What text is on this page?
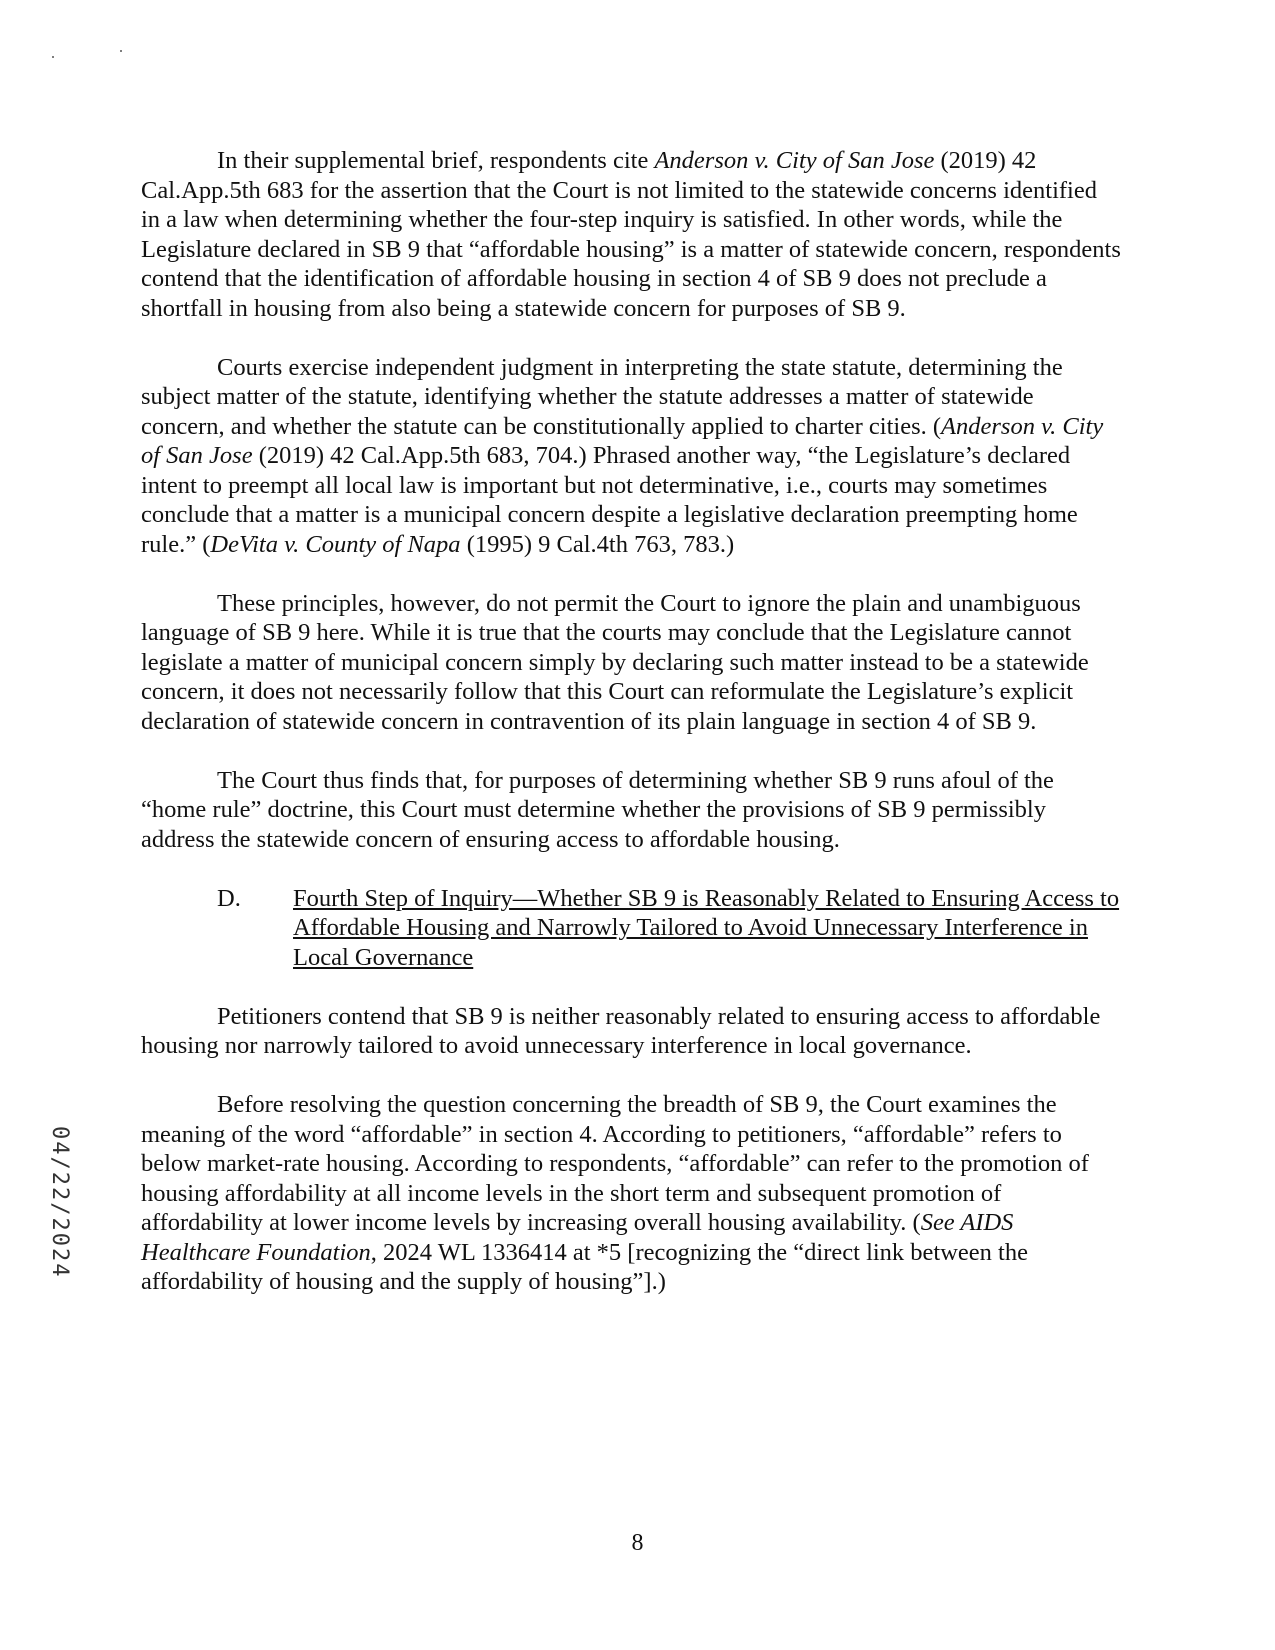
04/22/2024

In their supplemental brief, respondents cite Anderson v. City of San Jose (2019) 42 Cal.App.5th 683 for the assertion that the Court is not limited to the statewide concerns identified in a law when determining whether the four-step inquiry is satisfied. In other words, while the Legislature declared in SB 9 that “affordable housing” is a matter of statewide concern, respondents contend that the identification of affordable housing in section 4 of SB 9 does not preclude a shortfall in housing from also being a statewide concern for purposes of SB 9.

Courts exercise independent judgment in interpreting the state statute, determining the subject matter of the statute, identifying whether the statute addresses a matter of statewide concern, and whether the statute can be constitutionally applied to charter cities. (Anderson v. City of San Jose (2019) 42 Cal.App.5th 683, 704.) Phrased another way, “the Legislature’s declared intent to preempt all local law is important but not determinative, i.e., courts may sometimes conclude that a matter is a municipal concern despite a legislative declaration preempting home rule.” (DeVita v. County of Napa (1995) 9 Cal.4th 763, 783.)

These principles, however, do not permit the Court to ignore the plain and unambiguous language of SB 9 here. While it is true that the courts may conclude that the Legislature cannot legislate a matter of municipal concern simply by declaring such matter instead to be a statewide concern, it does not necessarily follow that this Court can reformulate the Legislature’s explicit declaration of statewide concern in contravention of its plain language in section 4 of SB 9.

The Court thus finds that, for purposes of determining whether SB 9 runs afoul of the “home rule” doctrine, this Court must determine whether the provisions of SB 9 permissibly address the statewide concern of ensuring access to affordable housing.

D. Fourth Step of Inquiry—Whether SB 9 is Reasonably Related to Ensuring Access to Affordable Housing and Narrowly Tailored to Avoid Unnecessary Interference in Local Governance

Petitioners contend that SB 9 is neither reasonably related to ensuring access to affordable housing nor narrowly tailored to avoid unnecessary interference in local governance.

Before resolving the question concerning the breadth of SB 9, the Court examines the meaning of the word “affordable” in section 4. According to petitioners, “affordable” refers to below market-rate housing. According to respondents, “affordable” can refer to the promotion of housing affordability at all income levels in the short term and subsequent promotion of affordability at lower income levels by increasing overall housing availability. (See AIDS Healthcare Foundation, 2024 WL 1336414 at *5 [recognizing the “direct link between the affordability of housing and the supply of housing”].)

8
